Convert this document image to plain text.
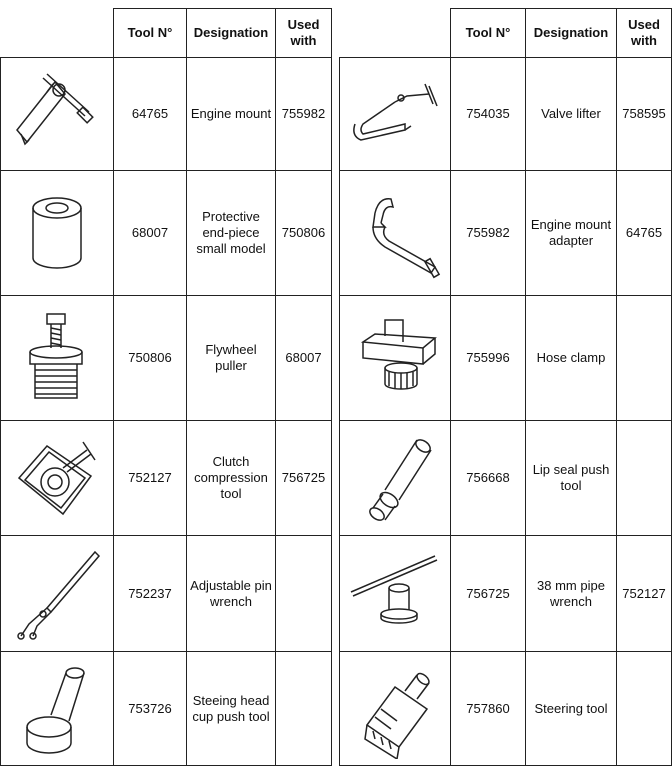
	Tool N°	Designation	Used
with

	64765	Engine mount	755982

	68007	Protective
end-piece
small model	750806

	750806	Flywheel
puller	68007

	752127	Clutch
compression
tool	756725

	752237	Adjustable pin
wrench	

	753726	Steeing head
cup push tool	
	Tool N°	Designation	Used
with

	754035	Valve lifter	758595

	755982	Engine mount
adapter	64765

	755996	Hose clamp	

	756668	Lip seal push
tool	

	756725	38 mm pipe
wrench	752127

	757860	Steering tool	
